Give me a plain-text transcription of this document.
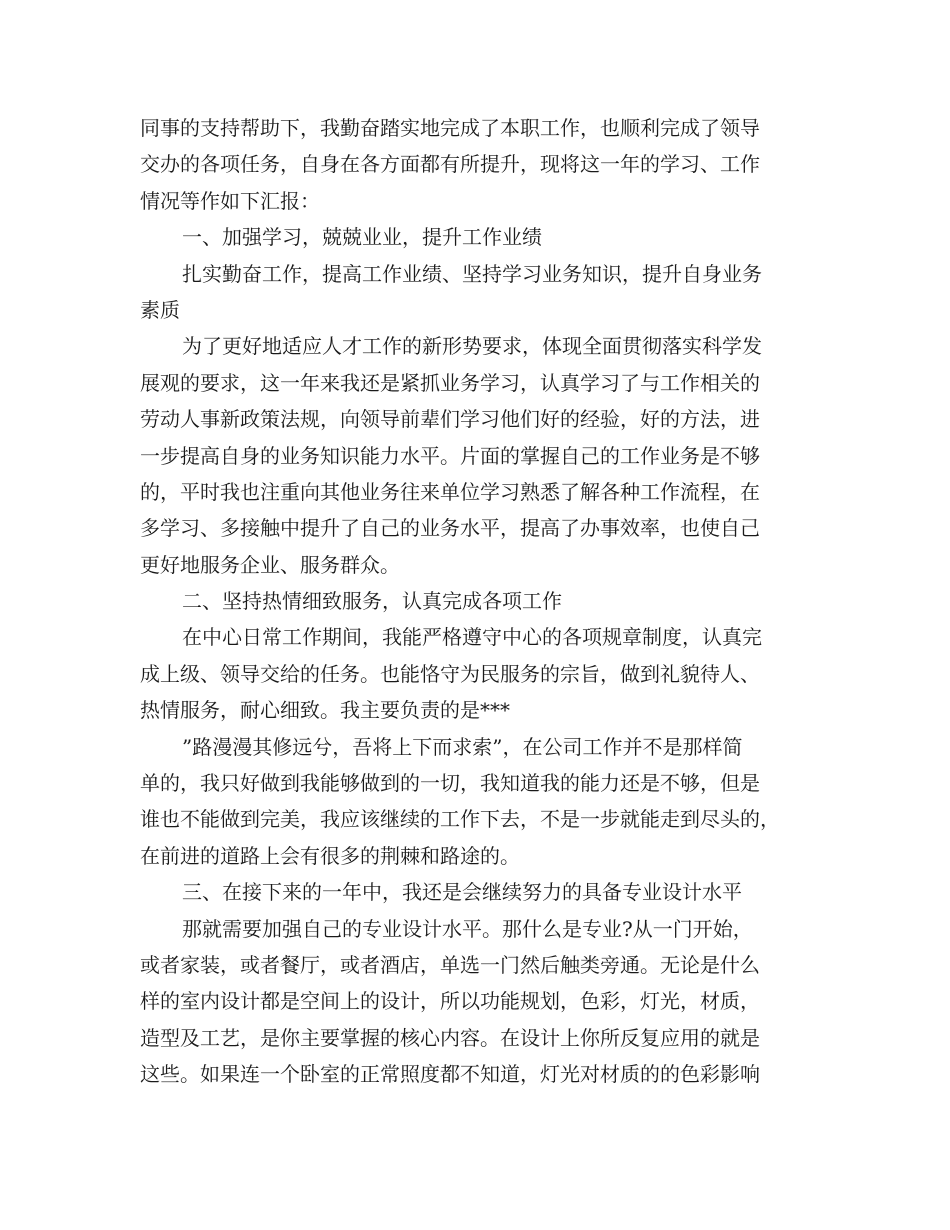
同事的支持帮助下，我勤奋踏实地完成了本职工作，也顺利完成了领导
交办的各项任务，自身在各方面都有所提升，现将这一年的学习、工作
情况等作如下汇报：
一、加强学习，兢兢业业，提升工作业绩
扎实勤奋工作，提高工作业绩、坚持学习业务知识，提升自身业务
素质
为了更好地适应人才工作的新形势要求，体现全面贯彻落实科学发
展观的要求，这一年来我还是紧抓业务学习，认真学习了与工作相关的
劳动人事新政策法规，向领导前辈们学习他们好的经验，好的方法，进
一步提高自身的业务知识能力水平。片面的掌握自己的工作业务是不够
的，平时我也注重向其他业务往来单位学习熟悉了解各种工作流程，在
多学习、多接触中提升了自己的业务水平，提高了办事效率，也使自己
更好地服务企业、服务群众。
二、坚持热情细致服务，认真完成各项工作
在中心日常工作期间，我能严格遵守中心的各项规章制度，认真完
成上级、领导交给的任务。也能恪守为民服务的宗旨，做到礼貌待人、
热情服务，耐心细致。我主要负责的是***
”路漫漫其修远兮，吾将上下而求索”，在公司工作并不是那样简
单的，我只好做到我能够做到的一切，我知道我的能力还是不够，但是
谁也不能做到完美，我应该继续的工作下去，不是一步就能走到尽头的，
在前进的道路上会有很多的荆棘和路途的。
三、在接下来的一年中，我还是会继续努力的具备专业设计水平
那就需要加强自己的专业设计水平。那什么是专业?从一门开始，
或者家装，或者餐厅，或者酒店，单选一门然后触类旁通。无论是什么
样的室内设计都是空间上的设计，所以功能规划，色彩，灯光，材质，
造型及工艺，是你主要掌握的核心内容。在设计上你所反复应用的就是
这些。如果连一个卧室的正常照度都不知道，灯光对材质的的色彩影响
